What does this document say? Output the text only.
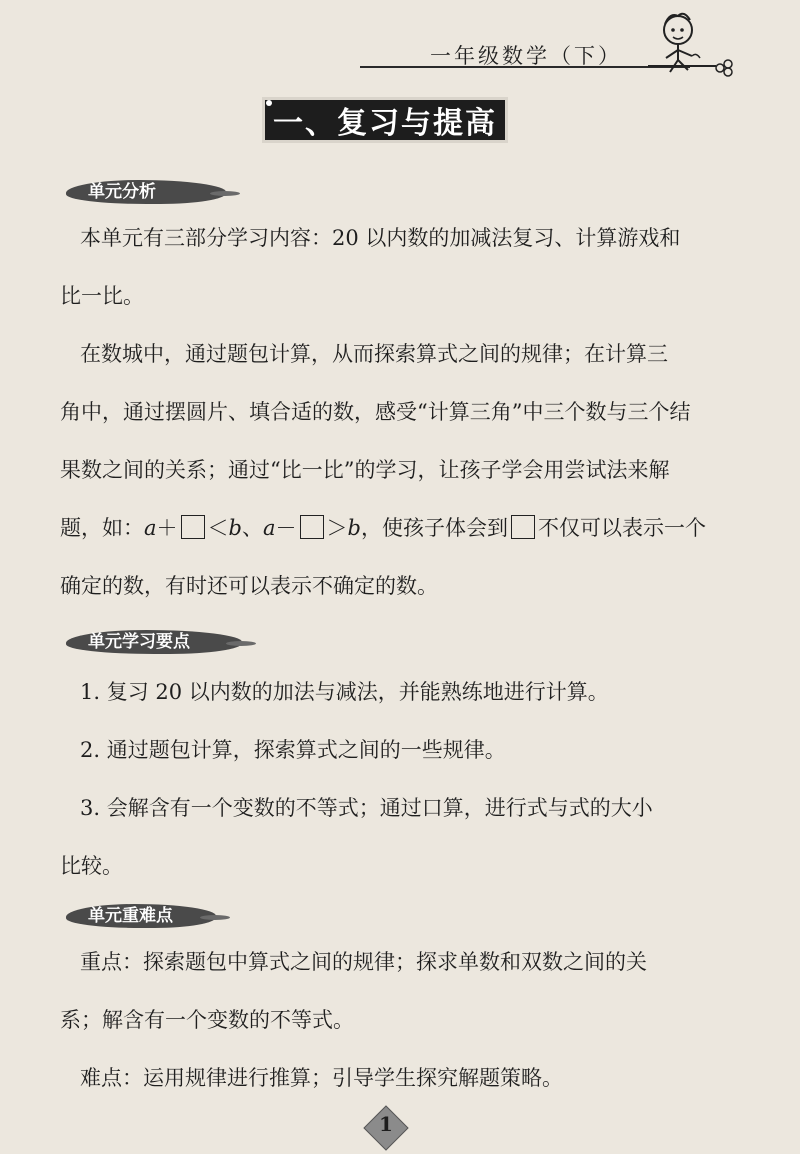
一年级数学（下）
一、复习与提高
单元分析
本单元有三部分学习内容：20 以内数的加减法复习、计算游戏和
比一比。
在数城中，通过题包计算，从而探索算式之间的规律；在计算三
角中，通过摆圆片、填合适的数，感受“计算三角”中三个数与三个结
果数之间的关系；通过“比一比”的学习，让孩子学会用尝试法来解
题，如：a＋ ＜b、a－ ＞b，使孩子体会到 不仅可以表示一个
确定的数，有时还可以表示不确定的数。
单元学习要点
1. 复习 20 以内数的加法与减法，并能熟练地进行计算。
2. 通过题包计算，探索算式之间的一些规律。
3. 会解含有一个变数的不等式；通过口算，进行式与式的大小
比较。
单元重难点
重点：探索题包中算式之间的规律；探求单数和双数之间的关
系；解含有一个变数的不等式。
难点：运用规律进行推算；引导学生探究解题策略。
1
